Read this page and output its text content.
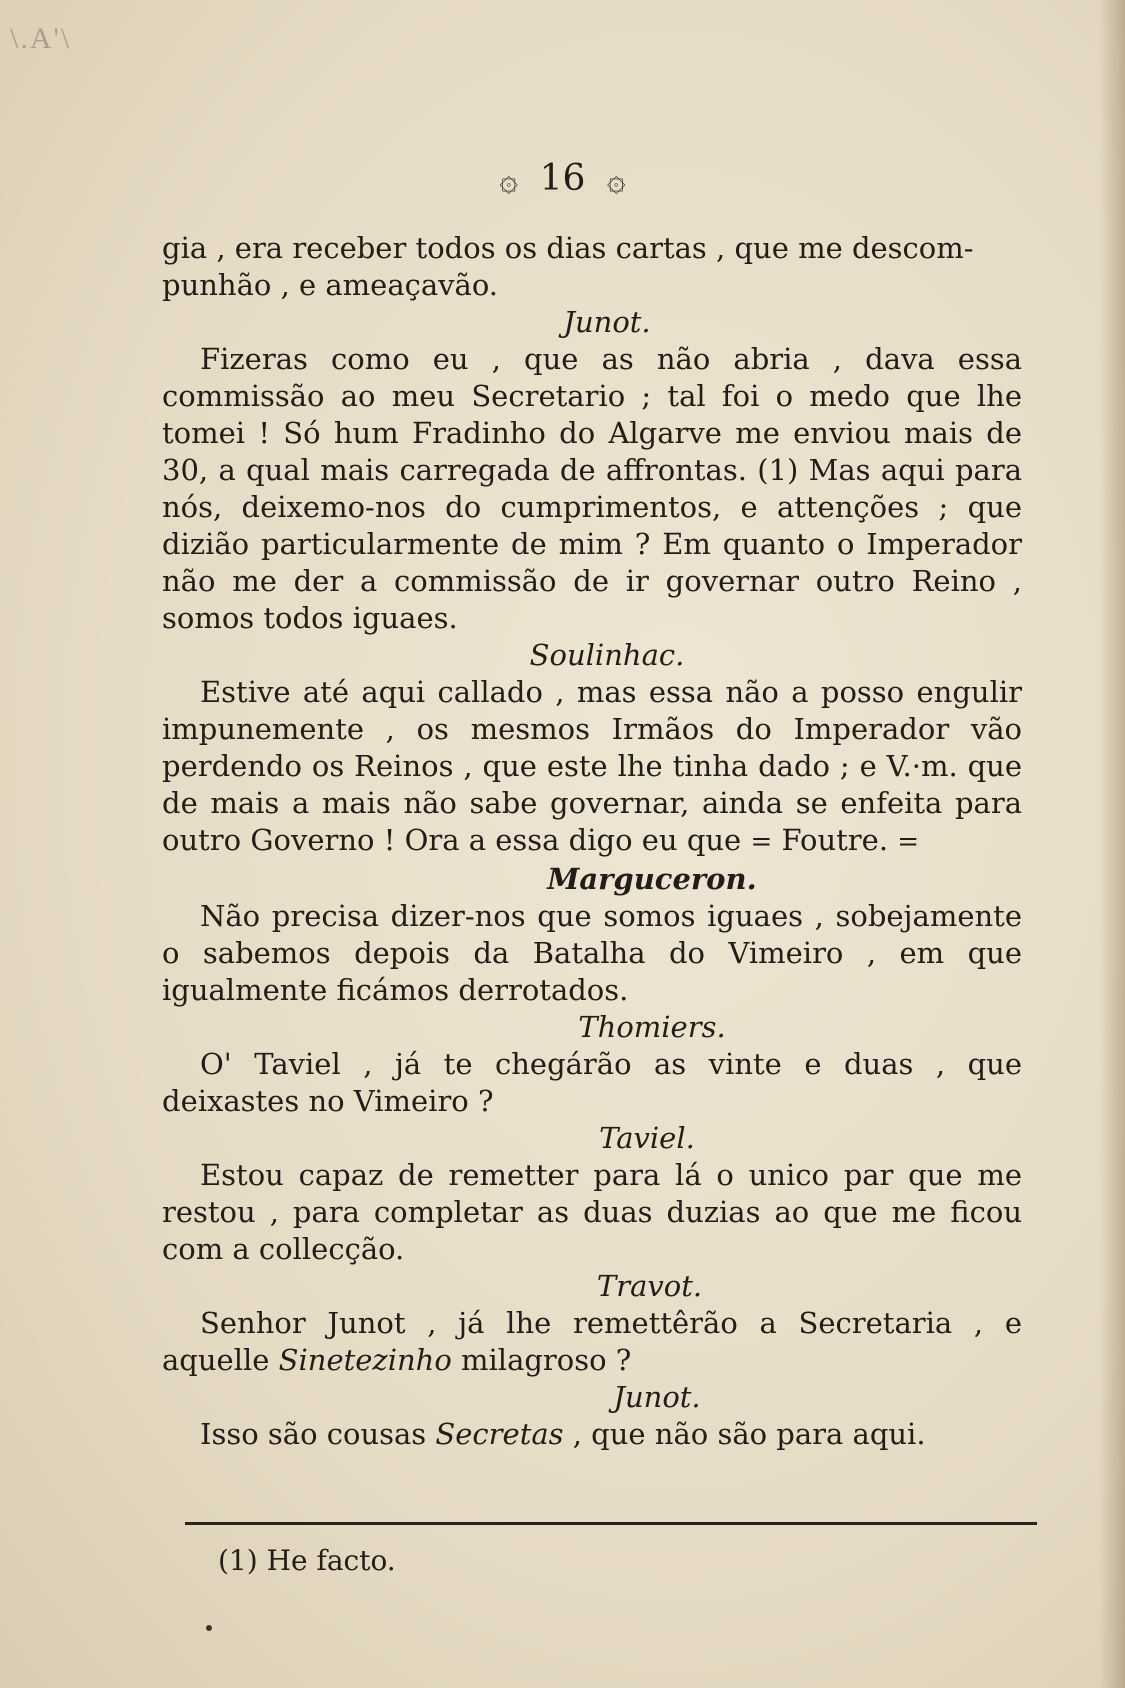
\.A'\
۞ 16 ۞

gia , era receber todos os dias cartas , que me descom-

punhão , e ameaçavão.

Junot.

Fizeras como eu , que as não abria , dava essa commissão ao meu Secretario ; tal foi o medo que lhe tomei ! Só hum Fradinho do Algarve me enviou mais de 30, a qual mais carregada de affrontas. (1) Mas aqui para nós, deixemo-nos do cumprimentos, e attenções ; que dizião particularmente de mim ? Em quanto o Imperador não me der a commissão de ir governar outro Reino , somos todos iguaes.

Soulinhac.

Estive até aqui callado , mas essa não a posso engulir impunemente , os mesmos Irmãos do Imperador vão perdendo os Reinos , que este lhe tinha dado ; e V.·m. que de mais a mais não sabe governar, ainda se enfeita para outro Governo ! Ora a essa digo eu que = Foutre. =

Marguceron.

Não precisa dizer-nos que somos iguaes , sobejamente o sabemos depois da Batalha do Vimeiro , em que igualmente ficámos derrotados.

Thomiers.

O' Taviel , já te chegárão as vinte e duas , que deixastes no Vimeiro ?

Taviel.

Estou capaz de remetter para lá o unico par que me restou , para completar as duas duzias ao que me ficou com a collecção.

Travot.

Senhor Junot , já lhe remettêrão a Secretaria , e aquelle Sinetezinho milagroso ?

Junot.

Isso são cousas Secretas , que não são para aqui.

(1) He facto.
